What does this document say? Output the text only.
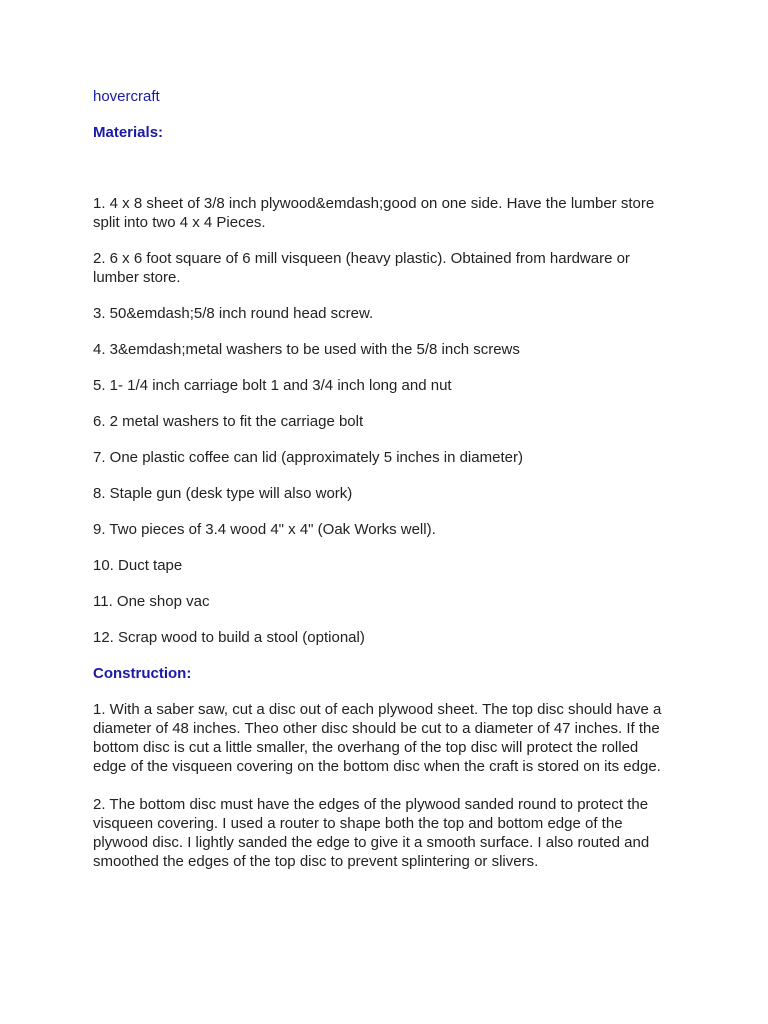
hovercraft
Materials:

1. 4 x 8 sheet of 3/8 inch plywood&emdash;good on one side. Have the lumber store split into two 4 x 4 Pieces.

2. 6 x 6 foot square of 6 mill visqueen (heavy plastic). Obtained from hardware or lumber store.

3. 50&emdash;5/8 inch round head screw.

4. 3&emdash;metal washers to be used with the 5/8 inch screws

5. 1- 1/4 inch carriage bolt 1 and 3/4 inch long and nut

6. 2 metal washers to fit the carriage bolt

7. One plastic coffee can lid (approximately 5 inches in diameter)

8. Staple gun (desk type will also work)

9. Two pieces of 3.4 wood 4" x 4" (Oak Works well).

10. Duct tape

11. One shop vac

12. Scrap wood to build a stool (optional)

Construction:

1. With a saber saw, cut a disc out of each plywood sheet. The top disc should have a diameter of 48 inches. Theo other disc should be cut to a diameter of 47 inches. If the bottom disc is cut a little smaller, the overhang of the top disc will protect the rolled edge of the visqueen covering on the bottom disc when the craft is stored on its edge.

2. The bottom disc must have the edges of the plywood sanded round to protect the visqueen covering. I used a router to shape both the top and bottom edge of the plywood disc. I lightly sanded the edge to give it a smooth surface. I also routed and smoothed the edges of the top disc to prevent splintering or slivers.
